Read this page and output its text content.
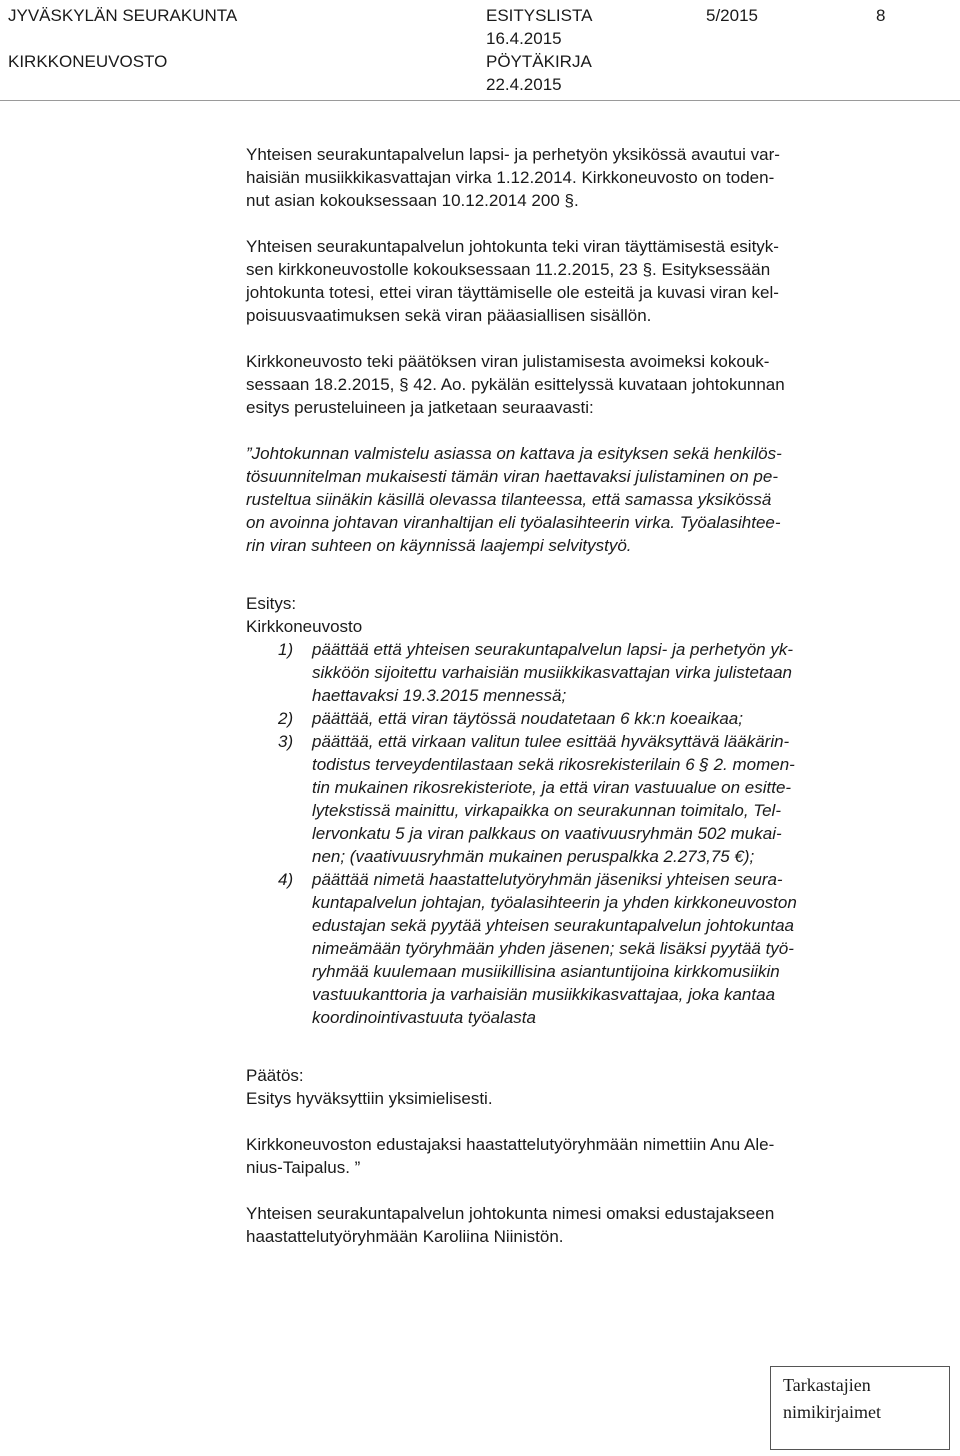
JYVÄSKYLÄN SEURAKUNTA
KIRKKONEUVOSTO
ESITYSLISTA
16.4.2015
PÖYTÄKIRJA
22.4.2015
5/2015	8

Yhteisen seurakuntapalvelun lapsi- ja perhetyön yksikössä avautui var-
haisiän musiikkikasvattajan virka 1.12.2014. Kirkkoneuvosto on toden-
nut asian kokouksessaan 10.12.2014 200 §.

Yhteisen seurakuntapalvelun johtokunta teki viran täyttämisestä esityk-
sen kirkkoneuvostolle kokouksessaan 11.2.2015, 23 §. Esityksessään
johtokunta totesi, ettei viran täyttämiselle ole esteitä ja kuvasi viran kel-
poisuusvaatimuksen sekä viran pääasiallisen sisällön.

Kirkkoneuvosto teki päätöksen viran julistamisesta avoimeksi kokouk-
sessaan 18.2.2015, § 42. Ao. pykälän esittelyssä kuvataan johtokunnan
esitys perusteluineen ja jatketaan seuraavasti:

”Johtokunnan valmistelu asiassa on kattava ja esityksen sekä henkilös-
tösuunnitelman mukaisesti tämän viran haettavaksi julistaminen on pe-
rusteltua siinäkin käsillä olevassa tilanteessa, että samassa yksikössä
on avoinna johtavan viranhaltijan eli työalasihteerin virka. Työalasihtee-
rin viran suhteen on käynnissä laajempi selvitystyö.

Esitys:

Kirkkoneuvosto

1) päättää että yhteisen seurakuntapalvelun lapsi- ja perhetyön yk-
sikköön sijoitettu varhaisiän musiikkikasvattajan virka julistetaan
haettavaksi 19.3.2015 mennessä;
2) päättää, että viran täytössä noudatetaan 6 kk:n koeaikaa;
3) päättää, että virkaan valitun tulee esittää hyväksyttävä lääkärin-
todistus terveydentilastaan sekä rikosrekisterilain 6 § 2. momen-
tin mukainen rikosrekisteriote, ja että viran vastuualue on esitte-
lytekstissä mainittu, virkapaikka on seurakunnan toimitalo, Tel-
lervonkatu 5 ja viran palkkaus on vaativuusryhmän 502 mukai-
nen; (vaativuusryhmän mukainen peruspalkka 2.273,75 €);
4) päättää nimetä haastattelutyöryhmän jäseniksi yhteisen seura-
kuntapalvelun johtajan, työalasihteerin ja yhden kirkkoneuvoston
edustajan sekä pyytää yhteisen seurakuntapalvelun johtokuntaa
nimeämään työryhmään yhden jäsenen; sekä lisäksi pyytää työ-
ryhmää kuulemaan musiikillisina asiantuntijoina kirkkomusiikin
vastuukanttoria ja varhaisiän musiikkikasvattajaa, joka kantaa
koordinointivastuuta työalasta

Päätös:

Esitys hyväksyttiin yksimielisesti.

Kirkkoneuvoston edustajaksi haastattelutyöryhmään nimettiin Anu Ale-
nius-Taipalus. ”

Yhteisen seurakuntapalvelun johtokunta nimesi omaksi edustajakseen
haastattelutyöryhmään Karoliina Niinistön.

Tarkastajien
nimikirjaimet
